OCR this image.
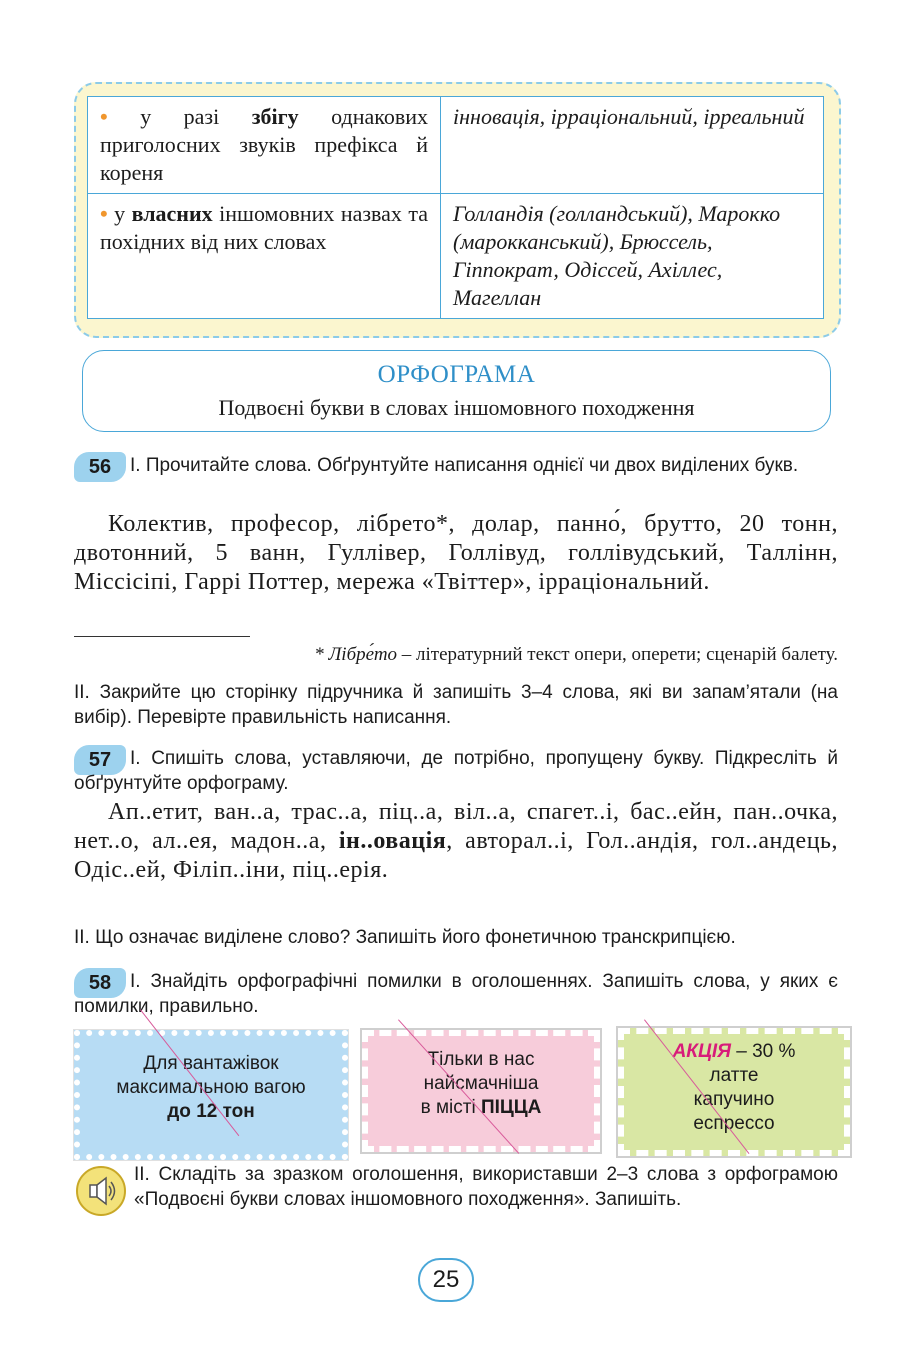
• у разі збігу однакових приголосних звуків префікса й кореня	інновація, ірраціональний, ірреальний
• у власних іншомовних назвах та похідних від них словах	Голландія (голландський), Марокко (марокканський), Брюссель, Гіппократ, Одіссей, Ахіллес, Магеллан
ОРФОГРАМА
Подвоєні букви в словах іншомовного походження
56 I. Прочитайте слова. Обґрунтуйте написання однієї чи двох виділених букв.
Колектив, професор, лібрето*, долар, панно́, брутто, 20 тонн, двотонний, 5 ванн, Гуллівер, Голлівуд, голлівудський, Таллінн, Міссісіпі, Гаррі Поттер, мережа «Твіттер», ірраціональний.
* Лібре́то – літературний текст опери, оперети; сценарій балету.
II. Закрийте цю сторінку підручника й запишіть 3–4 слова, які ви запам’ятали (на вибір). Перевірте правильність написання.
57 I. Спишіть слова, уставляючи, де потрібно, пропущену букву. Підкресліть й обґрунтуйте орфограму.
Ап..етит, ван..а, трас..а, піц..а, віл..а, спагет..і, бас..ейн, пан..очка, нет..о, ал..ея, мадон..а, ін..овація, авторал..і, Гол..андія, гол..андець, Одіс..ей, Філіп..іни, піц..ерія.
II. Що означає виділене слово? Запишіть його фонетичною транскрипцією.
58 I. Знайдіть орфографічні помилки в оголошеннях. Запишіть слова, у яких є помилки, правильно.
Для вантажівок
максимальною вагою
до 12 тон
Тільки в нас
найсмачніша
в місті ПІЦЦА
АКЦІЯ – 30 %
латте
капучино
еспрессо
II. Складіть за зразком оголошення, використавши 2–3 слова з орфограмою «Подвоєні букви словах іншомовного походження». Запишіть.
25
